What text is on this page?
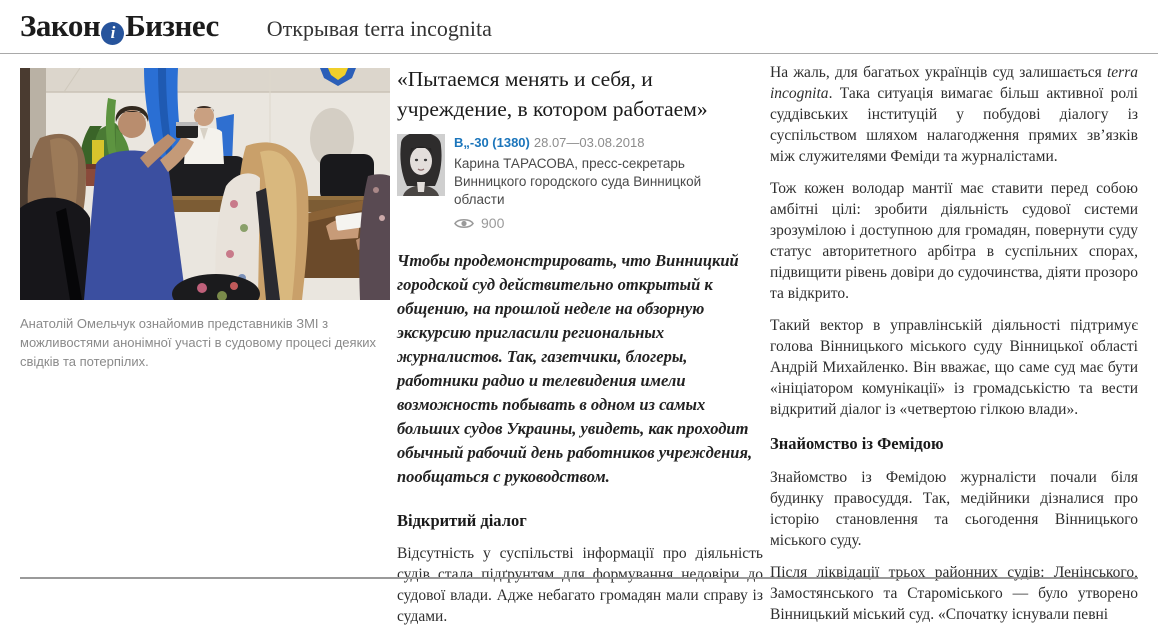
Закон і Бизнес Открывая terra incognita
Анатолій Омельчук ознайомив представників ЗМІ з можливостями анонімної участі в судовому процесі деяких свідків та потерпілих.
«Пытаемся менять и себя, и учреждение, в котором работаем»
В„-30 (1380) 28.07—03.08.2018
Карина ТАРАСОВА, пресс-секретарь Винницкого городского суда Винницкой области
900
Чтобы продемонстрировать, что Винницкий городской суд действительно открытый к общению, на прошлой неделе на обзорную экскурсию пригласили региональных журналистов. Так, газетчики, блогеры, работники радио и телевидения имели возможность побывать в одном из самых больших судов Украины, увидеть, как проходит обычный рабочий день работников учреждения, пообщаться с руководством.
Відкритий діалог

Відсутність у суспільстві інформації про діяльність судів стала підґрунтям для формування недовіри до судової влади. Адже небагато громадян мали справу із судами.

На жаль, для багатьох українців суд залишається terra incognita. Така ситуація вимагає більш активної ролі суддівських інституцій у побудові діалогу із суспільством шляхом налагодження прямих зв’язків між служителями Феміди та журналістами.

Тож кожен володар мантії має ставити перед собою амбітні цілі: зробити діяльність судової системи зрозумілою і доступною для громадян, повернути суду статус авторитетного арбітра в суспільних спорах, підвищити рівень довіри до судочинства, діяти прозоро та відкрито.

Такий вектор в управлінській діяльності підтримує голова Вінницького міського суду Вінницької області Андрій Михайленко. Він вважає, що саме суд має бути «ініціатором комунікації» із громадськістю та вести відкритий діалог із «четвертою гілкою влади».

Знайомство із Фемідою

Знайомство із Фемідою журналісти почали біля будинку правосуддя. Так, медійники дізналися про історію становлення та сьогодення Вінницького міського суду.

Після ліквідації трьох районних судів: Ленінського, Замостянського та Староміського — було утворено Вінницький міський суд. «Спочатку існували певні
